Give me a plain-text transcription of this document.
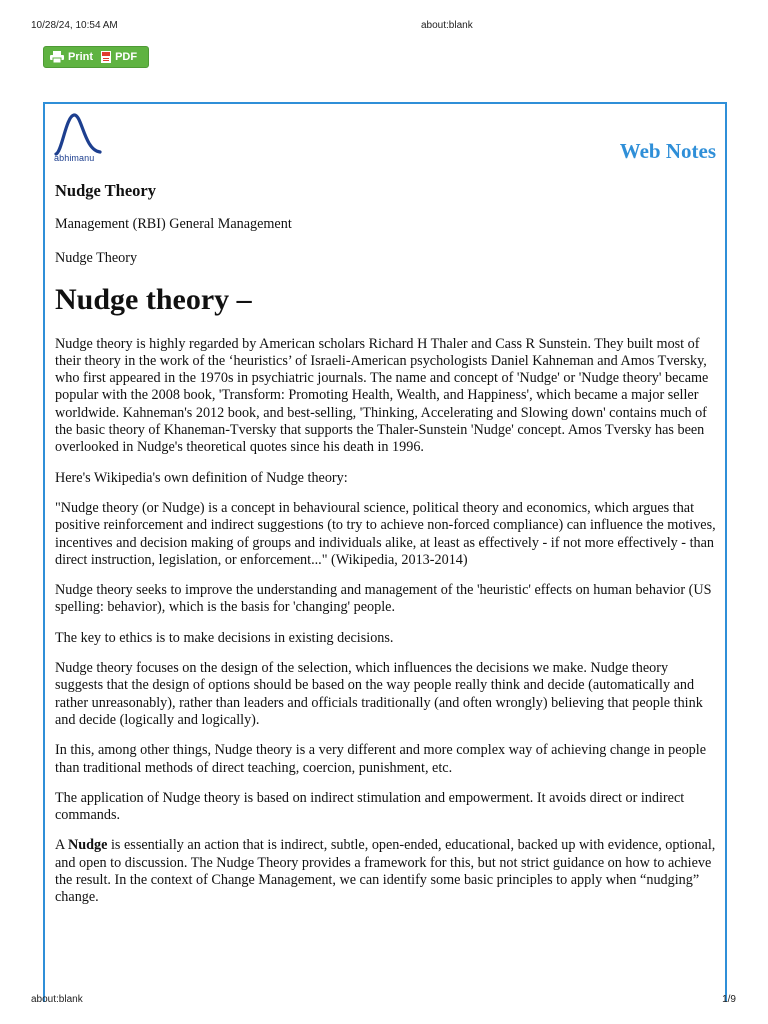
10/28/24, 10:54 AM	about:blank
Print PDF
abhimanu	Web Notes
Nudge Theory

Management (RBI) General Management

Nudge Theory

Nudge theory –

Nudge theory is highly regarded by American scholars Richard H Thaler and Cass R Sunstein. They built most of their theory in the work of the ‘heuristics’ of Israeli-American psychologists Daniel Kahneman and Amos Tversky, who first appeared in the 1970s in psychiatric journals. The name and concept of 'Nudge' or 'Nudge theory' became popular with the 2008 book, 'Transform: Promoting Health, Wealth, and Happiness', which became a major seller worldwide. Kahneman's 2012 book, and best-selling, 'Thinking, Accelerating and Slowing down' contains much of the basic theory of Khaneman-Tversky that supports the Thaler-Sunstein 'Nudge' concept. Amos Tversky has been overlooked in Nudge's theoretical quotes since his death in 1996.

Here's Wikipedia's own definition of Nudge theory:

"Nudge theory (or Nudge) is a concept in behavioural science, political theory and economics, which argues that positive reinforcement and indirect suggestions (to try to achieve non-forced compliance) can influence the motives, incentives and decision making of groups and individuals alike, at least as effectively - if not more effectively - than direct instruction, legislation, or enforcement..." (Wikipedia, 2013-2014)

Nudge theory seeks to improve the understanding and management of the 'heuristic' effects on human behavior (US spelling: behavior), which is the basis for 'changing' people.

The key to ethics is to make decisions in existing decisions.

Nudge theory focuses on the design of the selection, which influences the decisions we make. Nudge theory suggests that the design of options should be based on the way people really think and decide (automatically and rather unreasonably), rather than leaders and officials traditionally (and often wrongly) believing that people think and decide (logically and logically).

In this, among other things, Nudge theory is a very different and more complex way of achieving change in people than traditional methods of direct teaching, coercion, punishment, etc.

The application of Nudge theory is based on indirect stimulation and empowerment. It avoids direct or indirect commands.

A Nudge is essentially an action that is indirect, subtle, open-ended, educational, backed up with evidence, optional, and open to discussion. The Nudge Theory provides a framework for this, but not strict guidance on how to achieve the result. In the context of Change Management, we can identify some basic principles to apply when “nudging” change.

about:blank	1/9
